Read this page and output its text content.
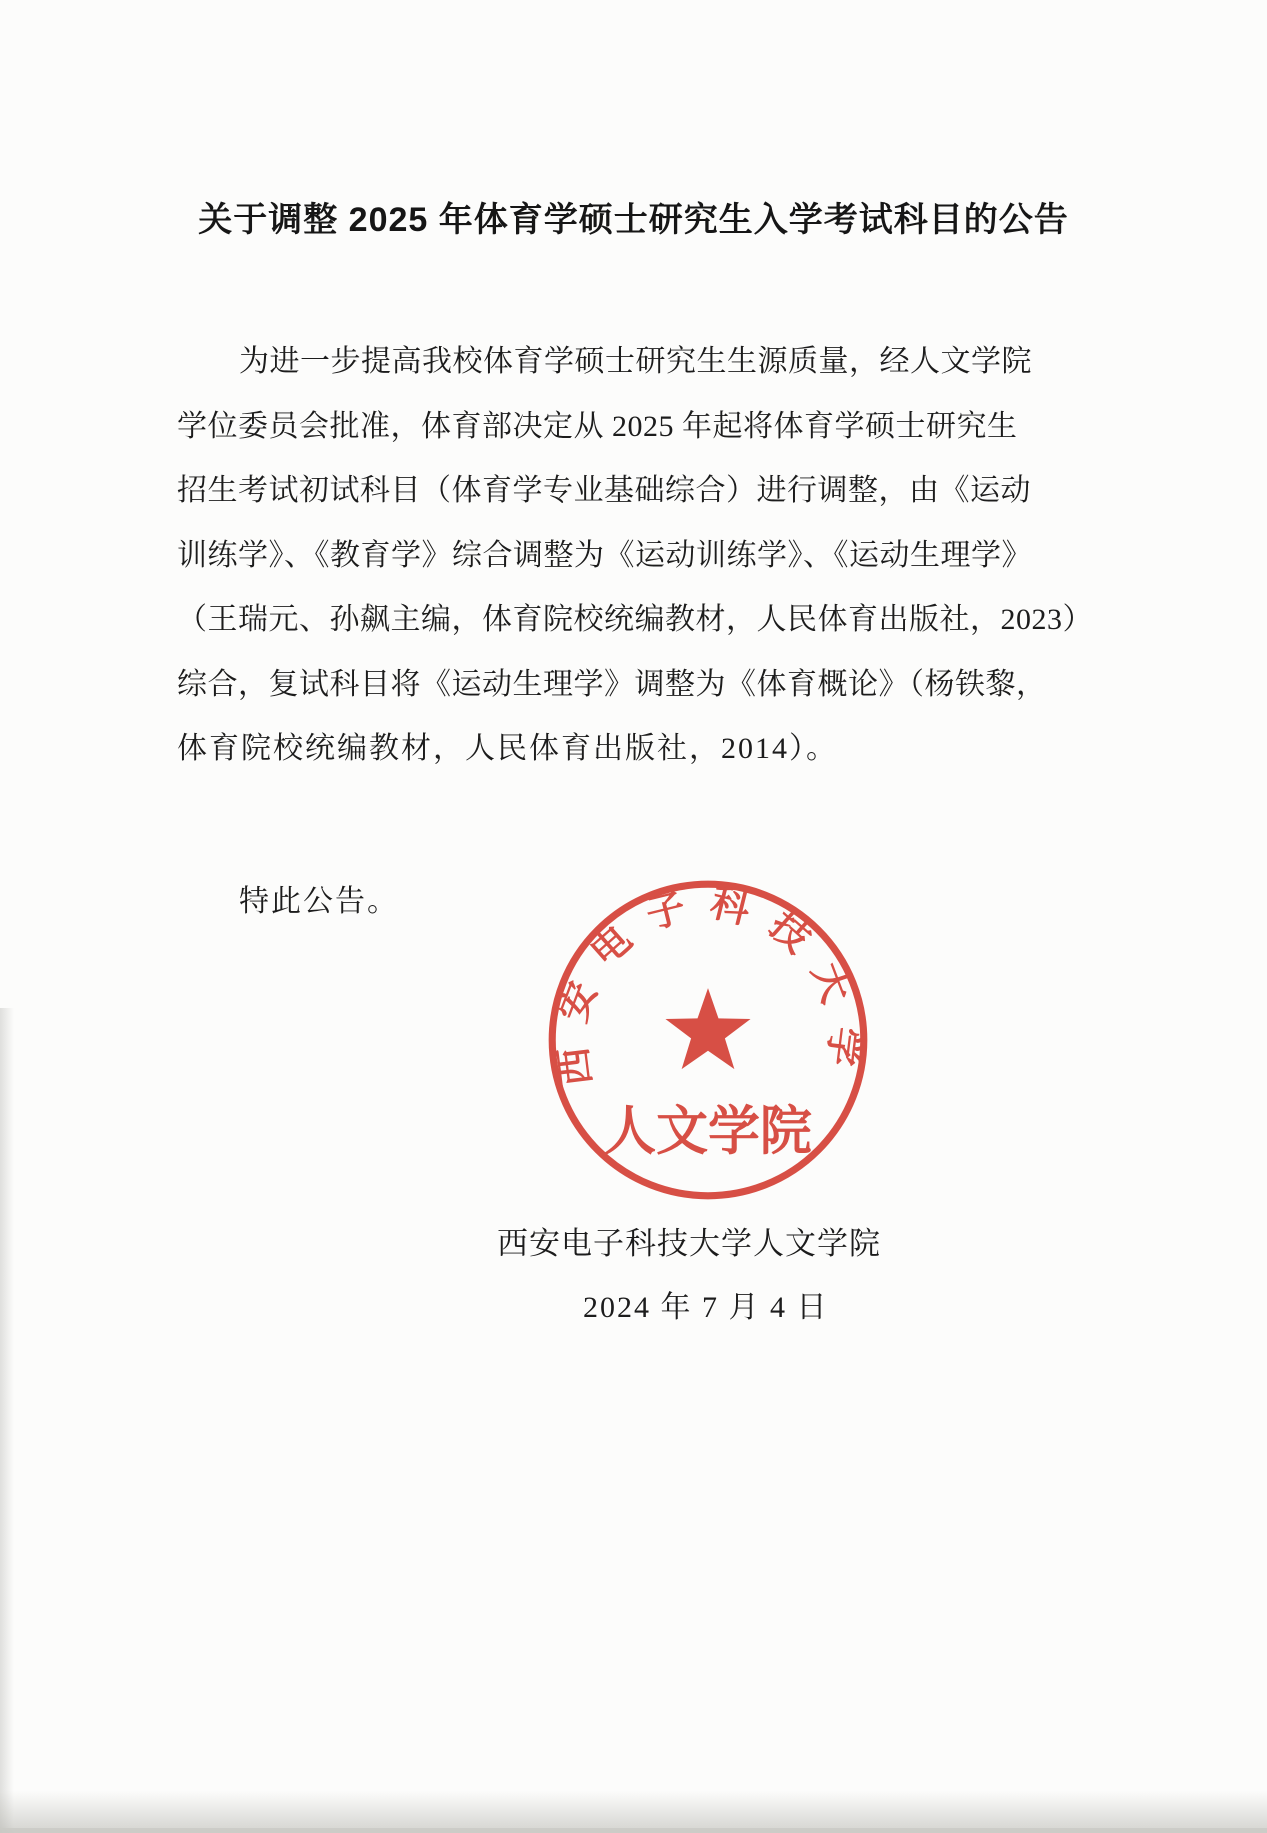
关于调整 2025 年体育学硕士研究生入学考试科目的公告
为进一步提高我校体育学硕士研究生生源质量，经人文学院
学位委员会批准，体育部决定从 2025 年起将体育学硕士研究生
招生考试初试科目（体育学专业基础综合）进行调整，由《运动
训练学》、《教育学》综合调整为《运动训练学》、《运动生理学》
（王瑞元、孙飙主编，体育院校统编教材，人民体育出版社，2023）
综合，复试科目将《运动生理学》调整为《体育概论》（杨铁黎，
体育院校统编教材，人民体育出版社，2014）。
特此公告。
西安电子科技大学
人文学院
西安电子科技大学人文学院
2024 年 7 月 4 日
